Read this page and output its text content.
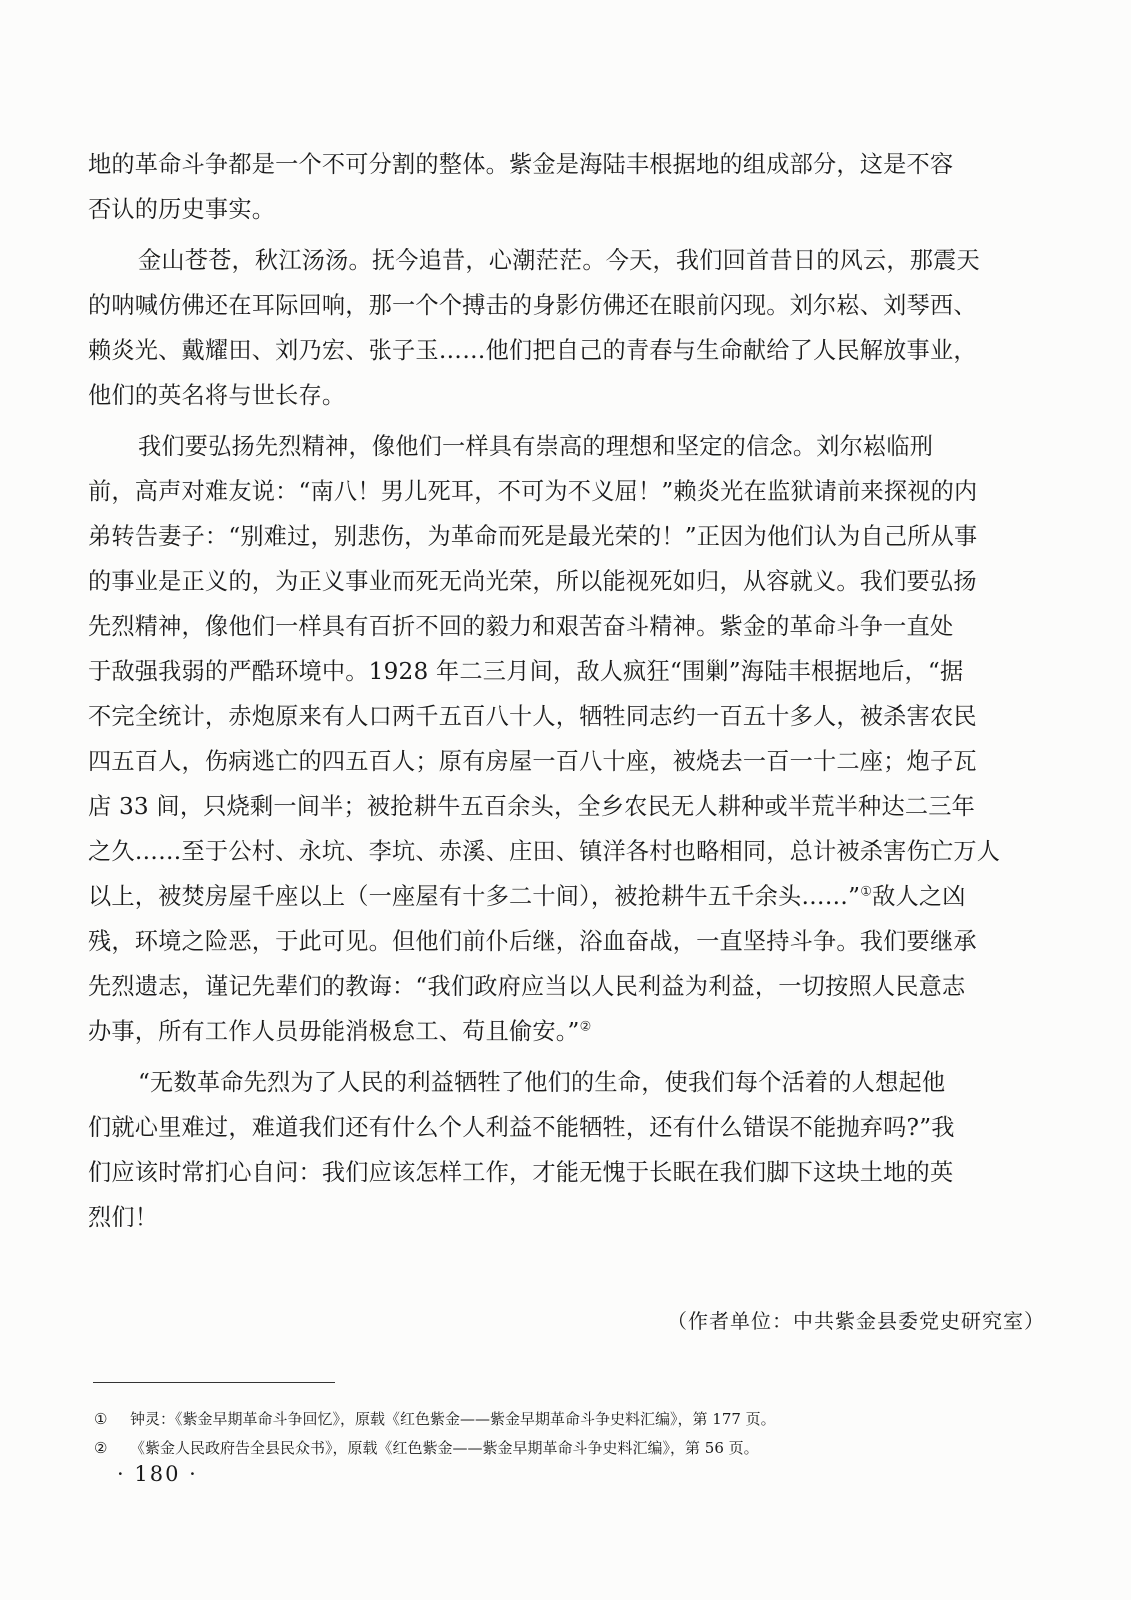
地的革命斗争都是一个不可分割的整体。紫金是海陆丰根据地的组成部分，这是不容
否认的历史事实。
金山苍苍，秋江汤汤。抚今追昔，心潮茫茫。今天，我们回首昔日的风云，那震天
的呐喊仿佛还在耳际回响，那一个个搏击的身影仿佛还在眼前闪现。刘尔崧、刘琴西、
赖炎光、戴耀田、刘乃宏、张子玉……他们把自己的青春与生命献给了人民解放事业，
他们的英名将与世长存。
我们要弘扬先烈精神，像他们一样具有崇高的理想和坚定的信念。刘尔崧临刑
前，高声对难友说：“南八！男儿死耳，不可为不义屈！”赖炎光在监狱请前来探视的内
弟转告妻子：“别难过，别悲伤，为革命而死是最光荣的！”正因为他们认为自己所从事
的事业是正义的，为正义事业而死无尚光荣，所以能视死如归，从容就义。我们要弘扬
先烈精神，像他们一样具有百折不回的毅力和艰苦奋斗精神。紫金的革命斗争一直处
于敌强我弱的严酷环境中。1928 年二三月间，敌人疯狂“围剿”海陆丰根据地后，“据
不完全统计，赤炮原来有人口两千五百八十人，牺牲同志约一百五十多人，被杀害农民
四五百人，伤病逃亡的四五百人；原有房屋一百八十座，被烧去一百一十二座；炮子瓦
店 33 间，只烧剩一间半；被抢耕牛五百余头，全乡农民无人耕种或半荒半种达二三年
之久……至于公村、永坑、李坑、赤溪、庄田、镇洋各村也略相同，总计被杀害伤亡万人
以上，被焚房屋千座以上（一座屋有十多二十间），被抢耕牛五千余头……”①敌人之凶
残，环境之险恶，于此可见。但他们前仆后继，浴血奋战，一直坚持斗争。我们要继承
先烈遗志，谨记先辈们的教诲：“我们政府应当以人民利益为利益，一切按照人民意志
办事，所有工作人员毋能消极怠工、苟且偷安。”②
“无数革命先烈为了人民的利益牺牲了他们的生命，使我们每个活着的人想起他
们就心里难过，难道我们还有什么个人利益不能牺牲，还有什么错误不能抛弃吗?”我
们应该时常扪心自问：我们应该怎样工作，才能无愧于长眠在我们脚下这块土地的英
烈们！
（作者单位：中共紫金县委党史研究室）
① 钟灵：《紫金早期革命斗争回忆》，原载《红色紫金——紫金早期革命斗争史料汇编》，第 177 页。
② 《紫金人民政府告全县民众书》，原载《红色紫金——紫金早期革命斗争史料汇编》，第 56 页。
· 180 ·
